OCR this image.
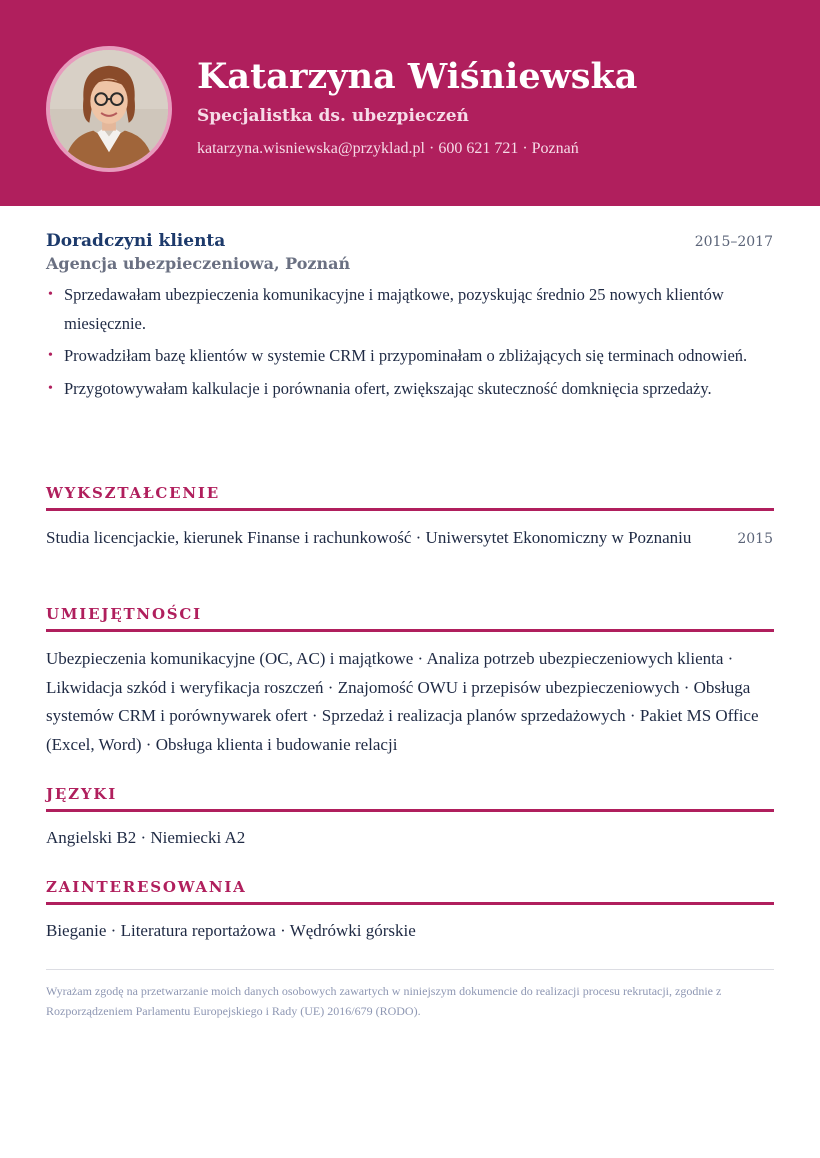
Katarzyna Wiśniewska
Specjalistka ds. ubezpieczeń
katarzyna.wisniewska@przyklad.pl · 600 621 721 · Poznań
Doradczyni klienta	2015–2017
Agencja ubezpieczeniowa, Poznań
• Sprzedawałam ubezpieczenia komunikacyjne i majątkowe, pozyskując średnio 25 nowych klientów miesięcznie.
• Prowadziłam bazę klientów w systemie CRM i przypominałam o zbliżających się terminach odnowień.
• Przygotowywałam kalkulacje i porównania ofert, zwiększając skuteczność domknięcia sprzedaży.
WYKSZTAŁCENIE
Studia licencjackie, kierunek Finanse i rachunkowość · Uniwersytet Ekonomiczny w Poznaniu	2015
UMIEJĘTNOŚCI
Ubezpieczenia komunikacyjne (OC, AC) i majątkowe · Analiza potrzeb ubezpieczeniowych klienta · Likwidacja szkód i weryfikacja roszczeń · Znajomość OWU i przepisów ubezpieczeniowych · Obsługa systemów CRM i porównywarek ofert · Sprzedaż i realizacja planów sprzedażowych · Pakiet MS Office (Excel, Word) · Obsługa klienta i budowanie relacji
JĘZYKI
Angielski B2 · Niemiecki A2
ZAINTERESOWANIA
Bieganie · Literatura reportażowa · Wędrówki górskie
Wyrażam zgodę na przetwarzanie moich danych osobowych zawartych w niniejszym dokumencie do realizacji procesu rekrutacji, zgodnie z Rozporządzeniem Parlamentu Europejskiego i Rady (UE) 2016/679 (RODO).
